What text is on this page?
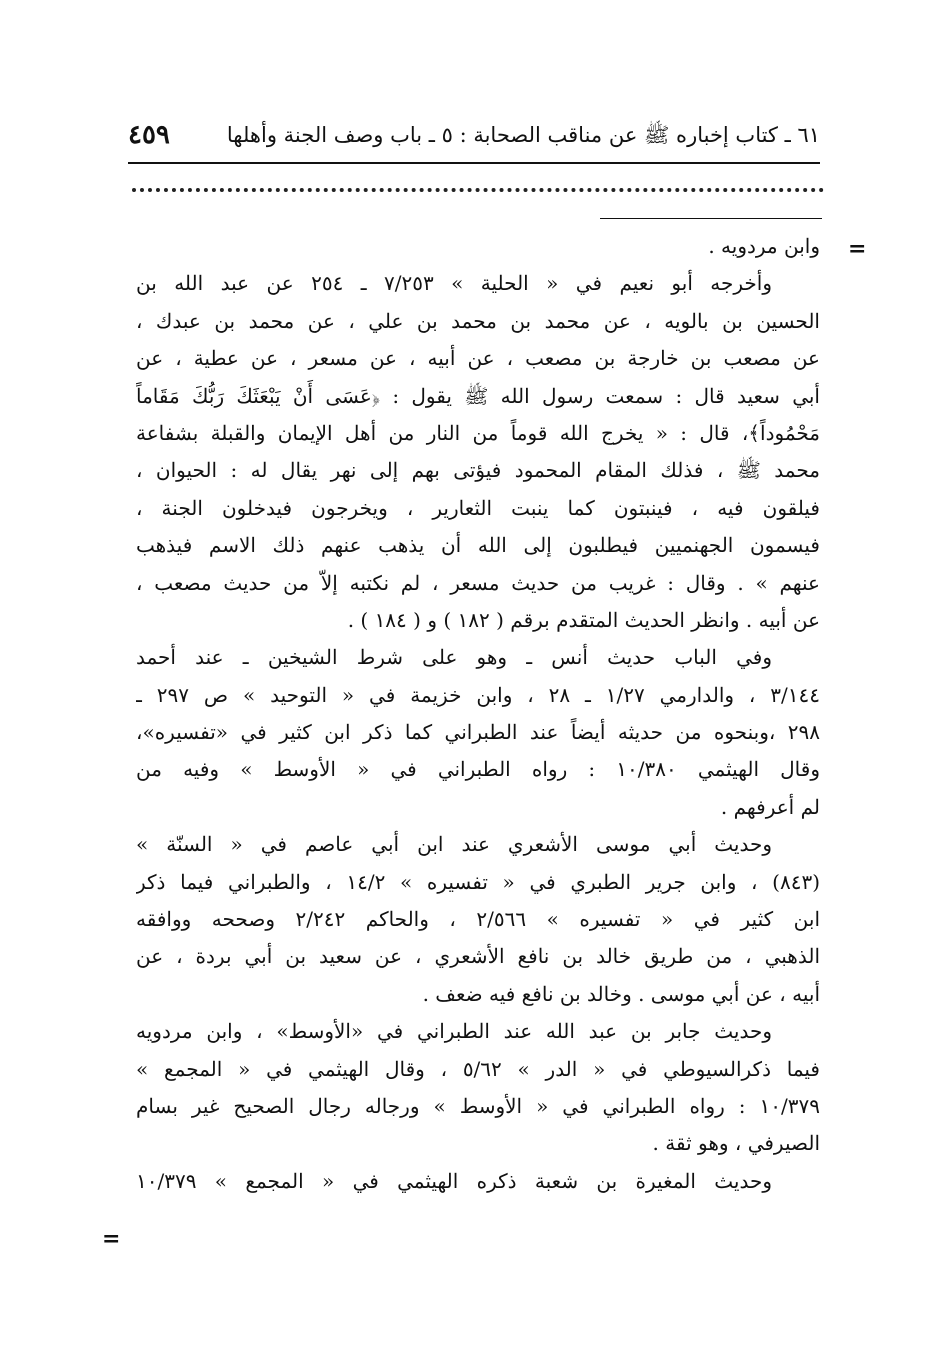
٦١ ـ كتاب إخباره ﷺ عن مناقب الصحابة : ٥ ـ باب وصف الجنة وأهلها
٤٥٩
=
=
وابن مردويه .
وأخرجه أبو نعيم في « الحلية » ٧/٢٥٣ ـ ٢٥٤ عن عبد الله بن
الحسين بن بالويه ، عن محمد بن محمد بن علي ، عن محمد بن عبدك ،
عن مصعب بن خارجة بن مصعب ، عن أبيه ، عن مسعر ، عن عطية ، عن
أبي سعيد قال : سمعت رسول الله ﷺ يقول : ﴿عَسَى أَنْ يَبْعَثَكَ رَبُّكَ مَقَاماً
مَحْمُوداً﴾، قال : « يخرج الله قوماً من النار من أهل الإيمان والقبلة بشفاعة
محمد ﷺ ، فذلك المقام المحمود فيؤتى بهم إلى نهر يقال له : الحيوان ،
فيلقون فيه ، فينبتون كما ينبت الثعارير ، ويخرجون فيدخلون الجنة ،
فيسمون الجهنميين فيطلبون إلى الله أن يذهب عنهم ذلك الاسم فيذهب
عنهم » . وقال : غريب من حديث مسعر ، لم نكتبه إلاّ من حديث مصعب ،
عن أبيه . وانظر الحديث المتقدم برقم ( ١٨٢ ) و ( ١٨٤ ) .
وفي الباب حديث أنس ـ وهو على شرط الشيخين ـ عند أحمد
٣/١٤٤ ، والدارمي ١/٢٧ ـ ٢٨ ، وابن خزيمة في « التوحيد » ص ٢٩٧ ـ
٢٩٨ ،وبنحوه من حديثه أيضاً عند الطبراني كما ذكر ابن كثير في «تفسيره»،
وقال الهيثمي ١٠/٣٨٠ : رواه الطبراني في « الأوسط » وفيه من
لم أعرفهم .
وحديث أبي موسى الأشعري عند ابن أبي عاصم في « السنّة »
(٨٤٣) ، وابن جرير الطبري في « تفسيره » ١٤/٢ ، والطبراني فيما ذكر
ابن كثير في « تفسيره » ٢/٥٦٦ ، والحاكم ٢/٢٤٢ وصححه ووافقه
الذهبي ، من طريق خالد بن نافع الأشعري ، عن سعيد بن أبي بردة ، عن
أبيه ، عن أبي موسى . وخالد بن نافع فيه ضعف .
وحديث جابر بن عبد الله عند الطبراني في «الأوسط» ، وابن مردويه
فيما ذكرالسيوطي في « الدر » ٥/٦٢ ، وقال الهيثمي في « المجمع »
١٠/٣٧٩ : رواه الطبراني في « الأوسط » ورجاله رجال الصحيح غير بسام
الصيرفي ، وهو ثقة .
وحديث المغيرة بن شعبة ذكره الهيثمي في « المجمع » ١٠/٣٧٩
